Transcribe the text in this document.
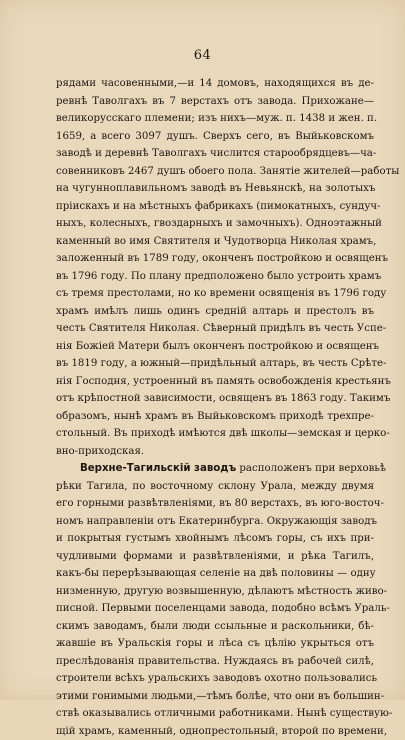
64
рядами часовенными,—и 14 домовъ, находящихся въ де-
ревнѣ Таволгахъ въ 7 верстахъ отъ завода. Прихожане—
великорусскаго племени; изъ нихъ—муж. п. 1438 и жен. п.
1659, а всего 3097 душъ. Сверхъ сего, въ Выйьковскомъ
заводѣ и деревнѣ Таволгахъ числится старообрядцевъ—ча-
совенниковъ 2467 душъ обоего пола. Занятіе жителей—работы
на чугунноплавильномъ заводѣ въ Невьянскѣ, на золотыхъ
пріискахъ и на мѣстныхъ фабрикахъ (пимокатныхъ, сундуч-
ныхъ, колесныхъ, гвоздарныхъ и замочныхъ). Одноэтажный
каменный во имя Святителя и Чудотворца Николая храмъ,
заложенный въ 1789 году, оконченъ постройкою и освященъ
въ 1796 году. По плану предположено было устроить храмъ
съ тремя престолами, но ко времени освященія въ 1796 году
храмъ имѣлъ лишь одинъ средній алтарь и престолъ въ
честь Святителя Николая. Сѣверный придѣлъ въ честь Успе-
нія Божіей Матери былъ оконченъ постройкою и освященъ
въ 1819 году, а южный—придѣльный алтарь, въ честь Срѣте-
нія Господня, устроенный въ память освобожденія крестьянъ
отъ крѣпостной зависимости, освященъ въ 1863 году. Такимъ
образомъ, нынѣ храмъ въ Выйьковскомъ приходѣ трехпре-
стольный. Въ приходѣ имѣются двѣ школы—земская и церко-
вно-приходская.
Верхне-Тагильскій заводъ расположенъ при верховьѣ
рѣки Тагила, по восточному склону Урала, между двумя
его горными развѣтвленіями, въ 80 верстахъ, въ юго-восточ-
номъ направленіи отъ Екатеринбурга. Окружающія заводъ
и покрытыя густымъ хвойнымъ лѣсомъ горы, съ ихъ при-
чудливыми формами и развѣтвленіями, и рѣка Тагилъ,
какъ-бы перерѣзывающая селеніе на двѣ половины — одну
низменную, другую возвышенную, дѣлаютъ мѣстность живо-
писной. Первыми поселенцами завода, подобно всѣмъ Ураль-
скимъ заводамъ, были люди ссыльные и раскольники, бѣ-
жавшіе въ Уральскія горы и лѣса съ цѣлію укрыться отъ
преслѣдованія правительства. Нуждаясь въ рабочей силѣ,
строители всѣхъ уральскихъ заводовъ охотно пользовались
этими гонимыми людьми,—тѣмъ болѣе, что они въ большин-
ствѣ оказывались отличными работниками. Нынѣ существую-
щій храмъ, каменный, однопрестольный, второй по времени,
